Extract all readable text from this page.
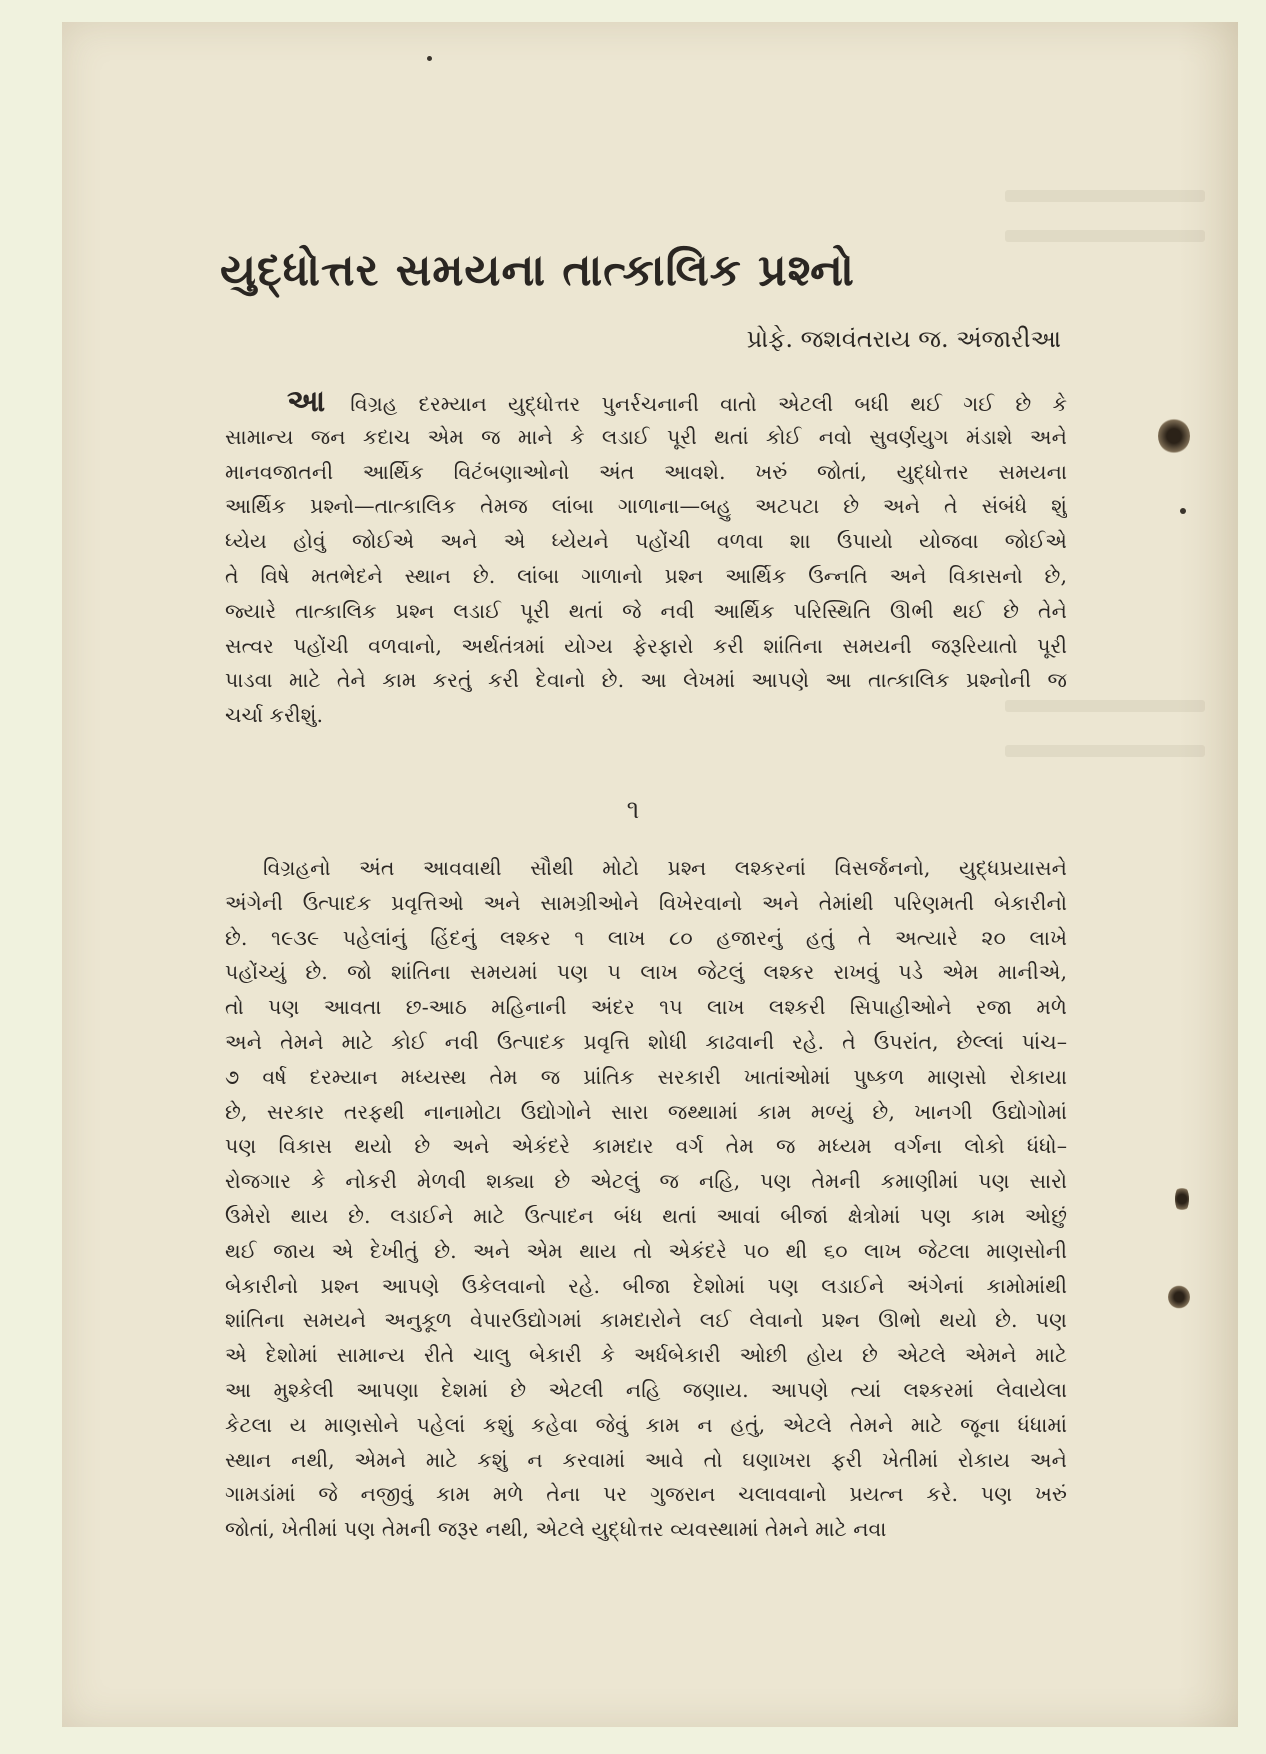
યુદ્ધોત્તર સમયના તાત્કાલિક પ્રશ્નો
પ્રોફે. જશવંતરાય જ. અંજારીઆ
આ વિગ્રહ દરમ્યાન યુદ્ધોત્તર પુનર્રચનાની વાતો એટલી બધી થઈ ગઈ છે કે
સામાન્ય જન કદાચ એમ જ માને કે લડાઈ પૂરી થતાં કોઈ નવો સુવર્ણયુગ મંડાશે અને
માનવજાતની આર્થિક વિટંબણાઓનો અંત આવશે. ખરું જોતાં, યુદ્ધોત્તર સમયના
આર્થિક પ્રશ્નો—તાત્કાલિક તેમજ લાંબા ગાળાના—બહુ અટપટા છે અને તે સંબંધે શું
ધ્યેય હોવું જોઈએ અને એ ધ્યેયને પહોંચી વળવા શા ઉપાયો યોજવા જોઈએ
તે વિષે મતભેદને સ્થાન છે. લાંબા ગાળાનો પ્રશ્ન આર્થિક ઉન્નતિ અને વિકાસનો છે,
જ્યારે તાત્કાલિક પ્રશ્ન લડાઈ પૂરી થતાં જે નવી આર્થિક પરિસ્થિતિ ઊભી થઈ છે તેને
સત્વર પહોંચી વળવાનો, અર્થતંત્રમાં યોગ્ય ફેરફારો કરી શાંતિના સમયની જરૂરિયાતો પૂરી
પાડવા માટે તેને કામ કરતું કરી દેવાનો છે. આ લેખમાં આપણે આ તાત્કાલિક પ્રશ્નોની જ
ચર્ચા કરીશું.
૧
વિગ્રહનો અંત આવવાથી સૌથી મોટો પ્રશ્ન લશ્કરનાં વિસર્જનનો, યુદ્ધપ્રયાસને
અંગેની ઉત્પાદક પ્રવૃત્તિઓ અને સામગ્રીઓને વિખેરવાનો અને તેમાંથી પરિણમતી બેકારીનો
છે. ૧૯૩૯ પહેલાંનું હિંદનું લશ્કર ૧ લાખ ૮૦ હજારનું હતું તે અત્યારે ૨૦ લાખે
પહોંચ્યું છે. જો શાંતિના સમયમાં પણ ૫ લાખ જેટલું લશ્કર રાખવું પડે એમ માનીએ,
તો પણ આવતા છ-આઠ મહિનાની અંદર ૧૫ લાખ લશ્કરી સિપાહીઓને રજા મળે
અને તેમને માટે કોઈ નવી ઉત્પાદક પ્રવૃત્તિ શોધી કાઢવાની રહે. તે ઉપરાંત, છેલ્લાં પાંચ–
૭ વર્ષ દરમ્યાન મધ્યસ્થ તેમ જ પ્રાંતિક સરકારી ખાતાંઓમાં પુષ્કળ માણસો રોકાયા
છે, સરકાર તરફથી નાનામોટા ઉદ્યોગોને સારા જથ્થામાં કામ મળ્યું છે, ખાનગી ઉદ્યોગોમાં
પણ વિકાસ થયો છે અને એકંદરે કામદાર વર્ગ તેમ જ મધ્યમ વર્ગના લોકો ધંધો–
રોજગાર કે નોકરી મેળવી શક્યા છે એટલું જ નહિ, પણ તેમની કમાણીમાં પણ સારો
ઉમેરો થાય છે. લડાઈને માટે ઉત્પાદન બંધ થતાં આવાં બીજાં ક્ષેત્રોમાં પણ કામ ઓછું
થઈ જાય એ દેખીતું છે. અને એમ થાય તો એકંદરે ૫૦ થી ૬૦ લાખ જેટલા માણસોની
બેકારીનો પ્રશ્ન આપણે ઉકેલવાનો રહે. બીજા દેશોમાં પણ લડાઈને અંગેનાં કામોમાંથી
શાંતિના સમયને અનુકૂળ વેપારઉદ્યોગમાં કામદારોને લઈ લેવાનો પ્રશ્ન ઊભો થયો છે. પણ
એ દેશોમાં સામાન્ય રીતે ચાલુ બેકારી કે અર્ધબેકારી ઓછી હોય છે એટલે એમને માટે
આ મુશ્કેલી આપણા દેશમાં છે એટલી નહિ જણાય. આપણે ત્યાં લશ્કરમાં લેવાયેલા
કેટલા ય માણસોને પહેલાં કશું કહેવા જેવું કામ ન હતું, એટલે તેમને માટે જૂના ધંધામાં
સ્થાન નથી, એમને માટે કશું ન કરવામાં આવે તો ઘણાખરા ફરી ખેતીમાં રોકાય અને
ગામડાંમાં જે નજીવું કામ મળે તેના પર ગુજરાન ચલાવવાનો પ્રયત્ન કરે. પણ ખરું
જોતાં, ખેતીમાં પણ તેમની જરૂર નથી, એટલે યુદ્ધોત્તર વ્યવસ્થામાં તેમને માટે નવા
